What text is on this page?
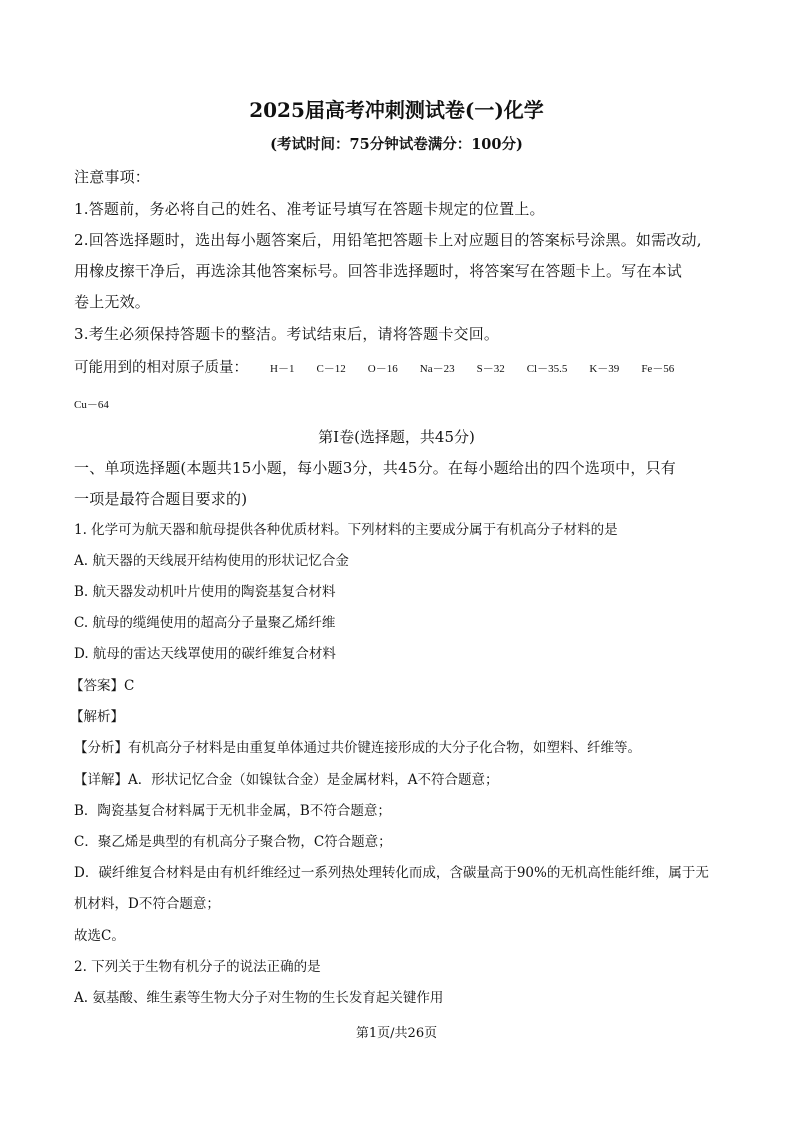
2025届高考冲刺测试卷(一)化学
(考试时间：75分钟试卷满分：100分)
注意事项：
1.答题前，务必将自己的姓名、准考证号填写在答题卡规定的位置上。
2.回答选择题时，选出每小题答案后，用铅笔把答题卡上对应题目的答案标号涂黑。如需改动,
用橡皮擦干净后，再选涂其他答案标号。回答非选择题时，将答案写在答题卡上。写在本试
卷上无效。
3.考生必须保持答题卡的整洁。考试结束后，请将答题卡交回。
可能用到的相对原子质量： H－1 C－12 O－16 Na－23 S－32 Cl－35.5 K－39 Fe－56
Cu－64
第Ⅰ卷(选择题，共45分)
一、单项选择题(本题共15小题，每小题3分，共45分。在每小题给出的四个选项中，只有
一项是最符合题目要求的)
1. 化学可为航天器和航母提供各种优质材料。下列材料的主要成分属于有机高分子材料的是
A. 航天器的天线展开结构使用的形状记忆合金
B. 航天器发动机叶片使用的陶瓷基复合材料
C. 航母的缆绳使用的超高分子量聚乙烯纤维
D. 航母的雷达天线罩使用的碳纤维复合材料
【答案】C
【解析】
【分析】有机高分子材料是由重复单体通过共价键连接形成的大分子化合物，如塑料、纤维等。
【详解】A．形状记忆合金（如镍钛合金）是金属材料，A不符合题意；
B．陶瓷基复合材料属于无机非金属，B不符合题意；
C．聚乙烯是典型的有机高分子聚合物，C符合题意；
D．碳纤维复合材料是由有机纤维经过一系列热处理转化而成，含碳量高于90%的无机高性能纤维，属于无
机材料，D不符合题意；
故选C。
2. 下列关于生物有机分子的说法正确的是
A. 氨基酸、维生素等生物大分子对生物的生长发育起关键作用
第1页/共26页
